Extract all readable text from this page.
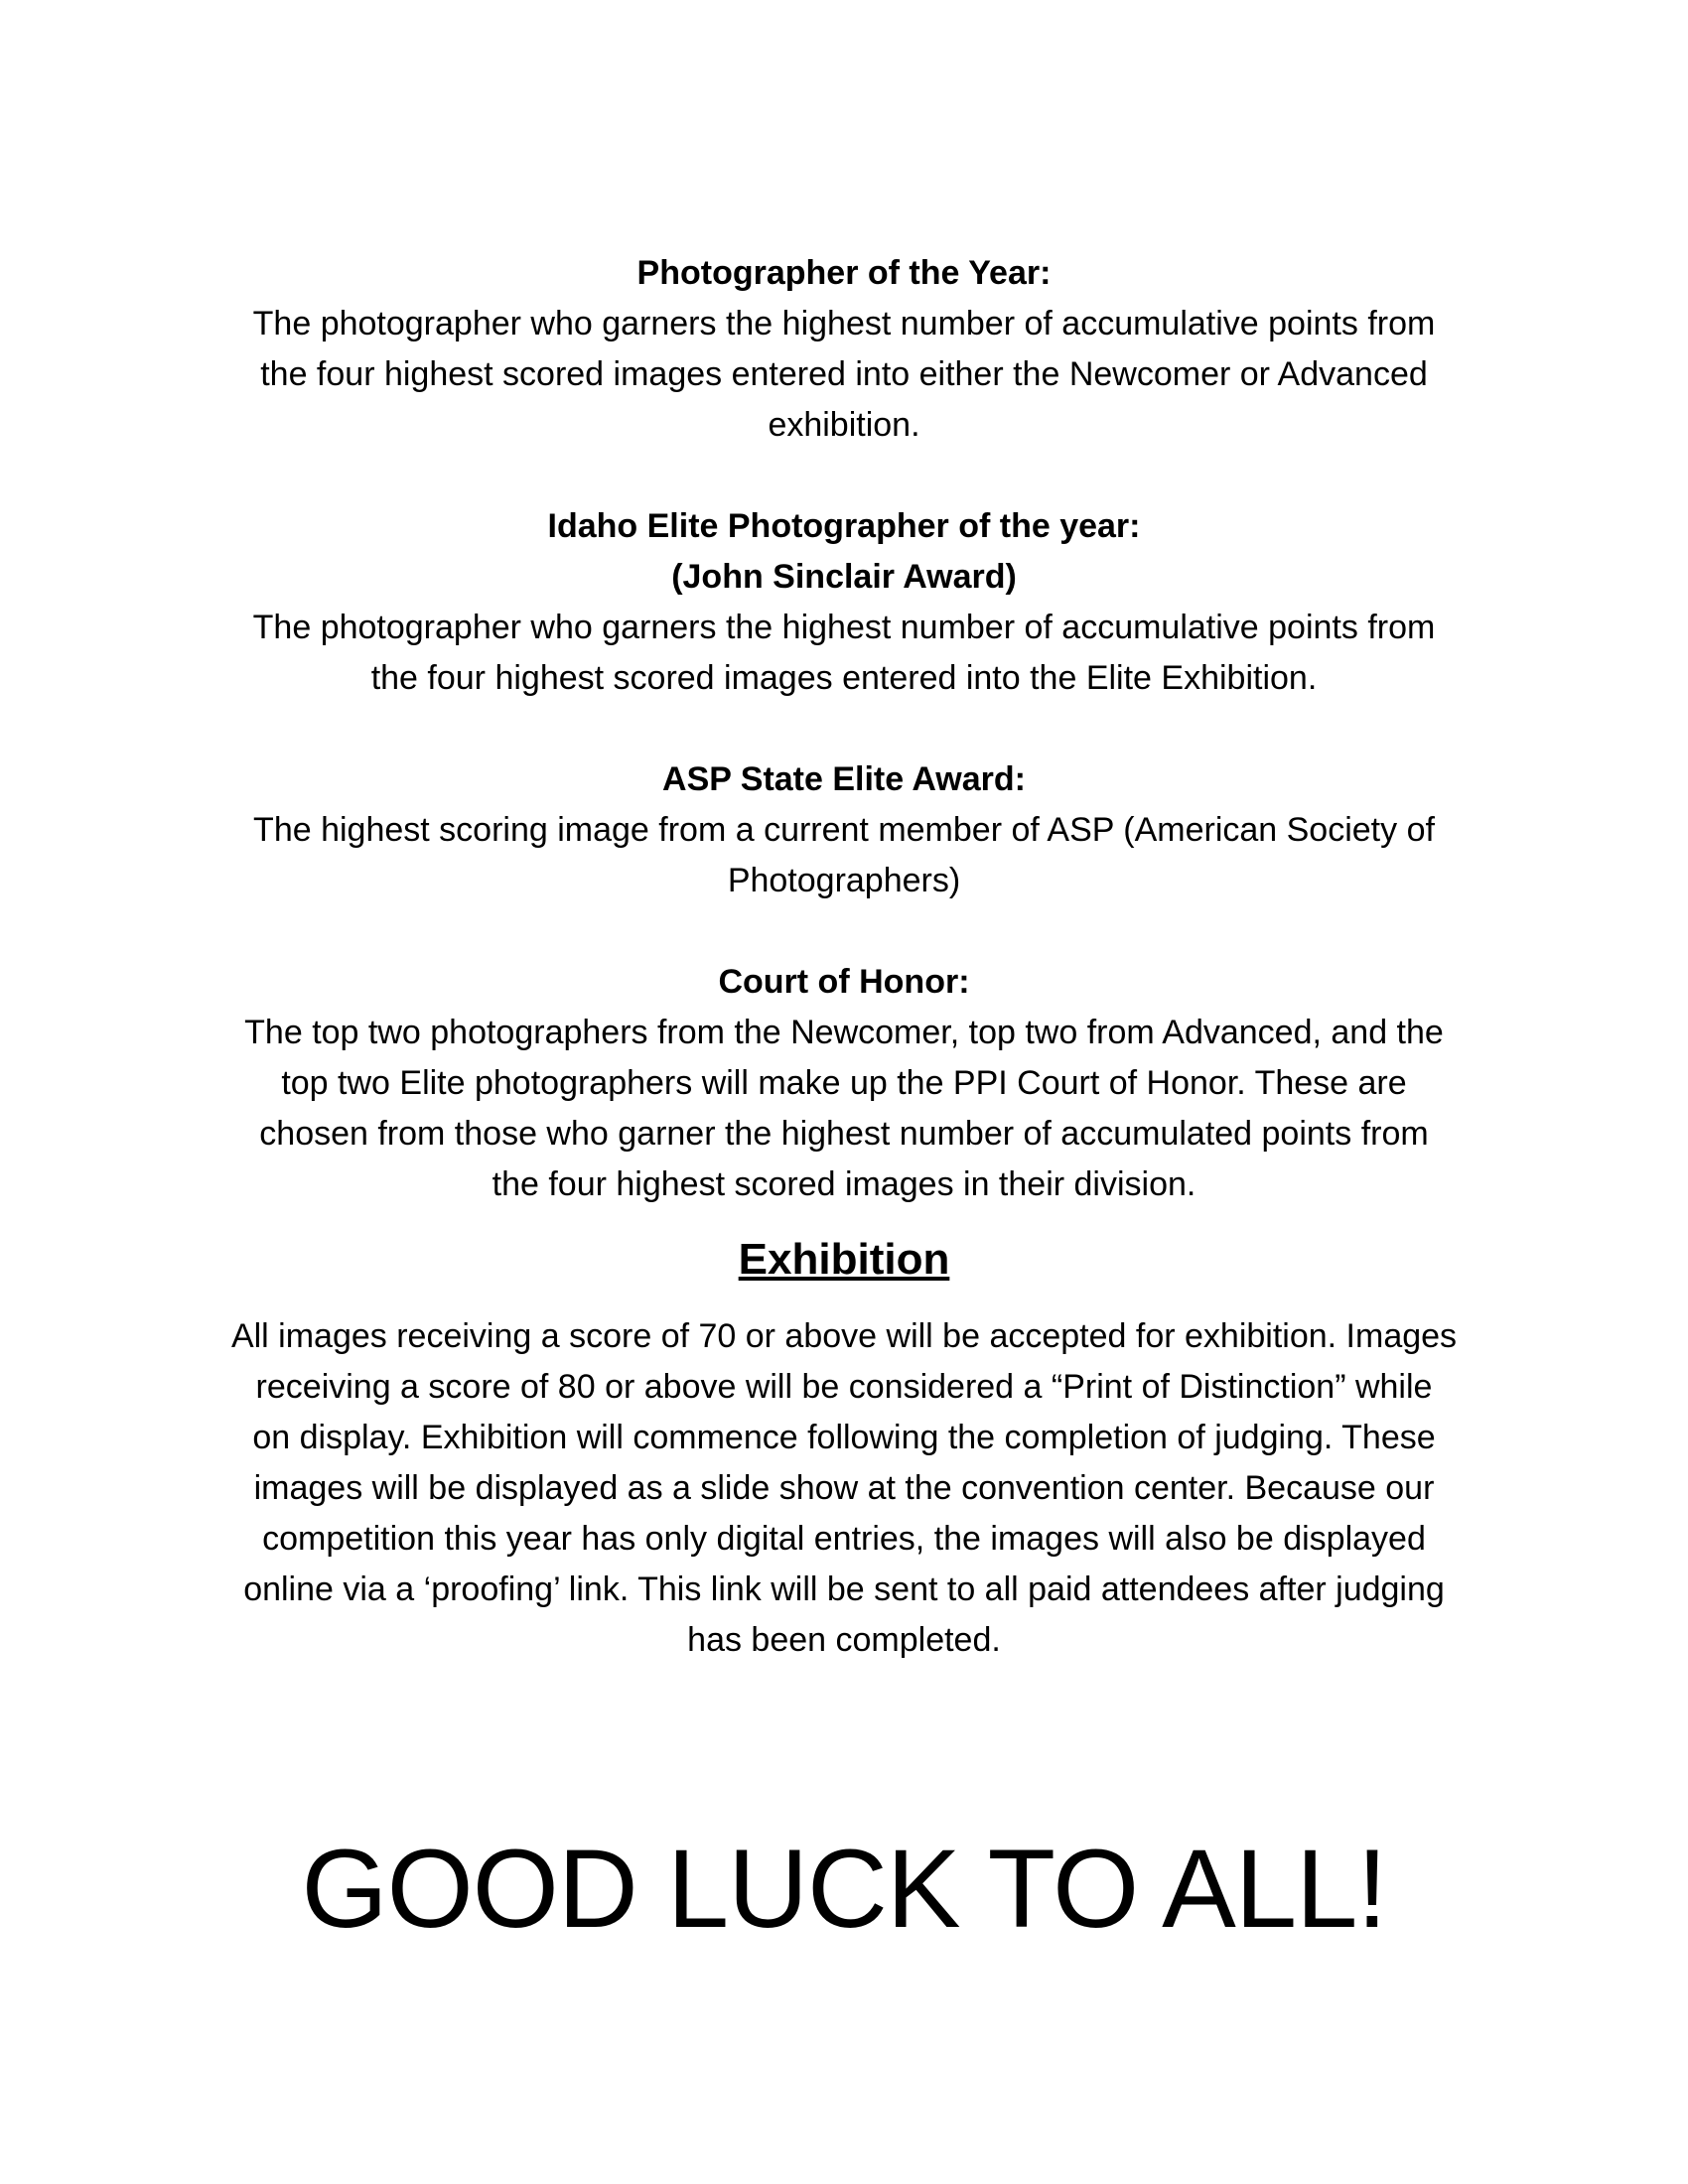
Photographer of the Year:
The photographer who garners the highest number of accumulative points from
the four highest scored images entered into either the Newcomer or Advanced
exhibition.
Idaho Elite Photographer of the year:
(John Sinclair Award)
The photographer who garners the highest number of accumulative points from
the four highest scored images entered into the Elite Exhibition.
ASP State Elite Award:
The highest scoring image from a current member of ASP (American Society of
Photographers)
Court of Honor:
The top two photographers from the Newcomer, top two from Advanced, and the
top two Elite photographers will make up the PPI Court of Honor. These are
chosen from those who garner the highest number of accumulated points from
the four highest scored images in their division.
Exhibition
All images receiving a score of 70 or above will be accepted for exhibition. Images
receiving a score of 80 or above will be considered a “Print of Distinction” while
on display. Exhibition will commence following the completion of judging. These
images will be displayed as a slide show at the convention center. Because our
competition this year has only digital entries, the images will also be displayed
online via a ‘proofing’ link. This link will be sent to all paid attendees after judging
has been completed.
GOOD LUCK TO ALL!
